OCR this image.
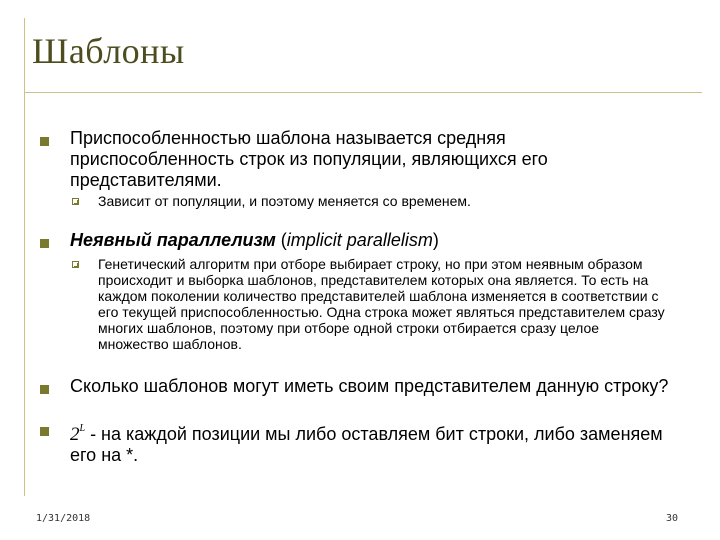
Шаблоны
Приспособленностью шаблона называется средняя приспособленность строк из популяции, являющихся его представителями.
Зависит от популяции, и поэтому меняется со временем.
Неявный параллелизм (implicit parallelism)
Генетический алгоритм при отборе выбирает строку, но при этом неявным образом происходит и выборка шаблонов, представителем которых она является. То есть на каждом поколении количество представителей шаблона изменяется в соответствии с его текущей приспособленностью. Одна строка может являться представителем сразу многих шаблонов, поэтому при отборе одной строки отбирается сразу целое множество шаблонов.
Сколько шаблонов могут иметь своим представителем данную строку?
$2^L$ - на каждой позиции мы либо оставляем бит строки, либо заменяем его на *.
1/31/2018	30
